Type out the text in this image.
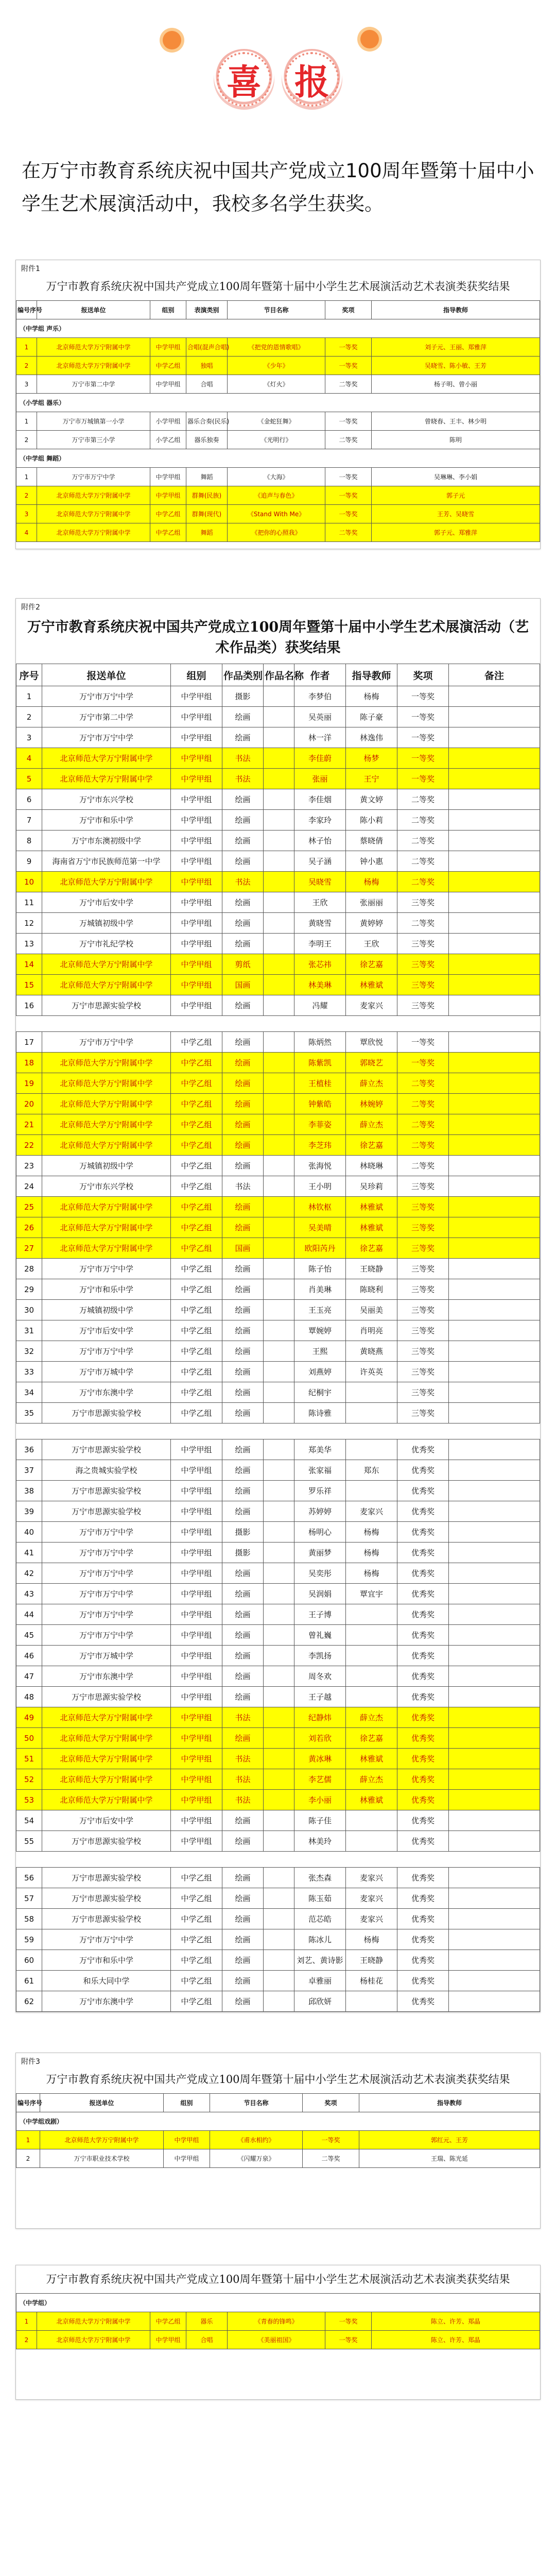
喜 报

在万宁市教育系统庆祝中国共产党成立100周年暨第十届中小学生艺术展演活动中，我校多名学生获奖。

附件1
万宁市教育系统庆祝中国共产党成立100周年暨第十届中小学生艺术展演活动艺术表演类获奖结果
编号序号	报送单位	组别	表演类别	节目名称	奖项	指导教师
（中学组 声乐）						
1	北京师范大学万宁附属中学	中学甲组	合唱(混声合唱)	《把党的恩情歌唱》	一等奖	刘子元、王丽、郑雅萍
2	北京师范大学万宁附属中学	中学乙组	独唱	《少年》	一等奖	吴晓雪、陈小敏、王芳
3	万宁市第二中学	中学甲组	合唱	《灯火》	二等奖	杨子明、曾小丽
（小学组 器乐）						
1	万宁市万城镇第一小学	小学甲组	器乐合奏(民乐)	《金蛇狂舞》	一等奖	曾晓春、王丰、林少明
2	万宁市第三小学	小学乙组	器乐独奏	《光明行》	二等奖	陈明
（中学组 舞蹈）						
1	万宁市万宁中学	中学甲组	舞蹈	《大海》	一等奖	吴琳琳、李小娟
2	北京师范大学万宁附属中学	中学甲组	群舞(民族)	《追声与春色》	一等奖	郭子元
3	北京师范大学万宁附属中学	中学乙组	群舞(现代)	《Stand With Me》	一等奖	王芳、吴晓雪
4	北京师范大学万宁附属中学	中学乙组	舞蹈	《把你的心照我》	二等奖	郭子元、郑雅萍
附件2
万宁市教育系统庆祝中国共产党成立100周年暨第十届中小学生艺术展演活动（艺术作品类）获奖结果
序号	报送单位	组别	作品类别	作品名称	作者	指导教师	奖项	备注
1	万宁市万宁中学	中学甲组	摄影		李梦伯	杨梅	一等奖	
2	万宁市第二中学	中学甲组	绘画		吴英丽	陈子豪	一等奖	
3	万宁市万宁中学	中学甲组	绘画		林一洋	林逸伟	一等奖	
4	北京师范大学万宁附属中学	中学甲组	书法		李佳蔚	杨梦	一等奖	
5	北京师范大学万宁附属中学	中学甲组	书法		张丽	王宁	一等奖	
6	万宁市东兴学校	中学甲组	绘画		李佳烟	黄文婷	二等奖	
7	万宁市和乐中学	中学甲组	绘画		李家玲	陈小莉	二等奖	
8	万宁市东澳初级中学	中学甲组	绘画		林子怡	蔡晓倩	二等奖	
9	海南省万宁市民族师范第一中学	中学甲组	绘画		吴子涵	钟小惠	二等奖	
10	北京师范大学万宁附属中学	中学甲组	书法		吴晓雪	杨梅	二等奖	
11	万宁市后安中学	中学甲组	绘画		王欣	张丽丽	三等奖	
12	万城镇初级中学	中学甲组	绘画		黄晓雪	黄婷婷	二等奖	
13	万宁市礼纪学校	中学甲组	绘画		李明王	王欣	三等奖	
14	北京师范大学万宁附属中学	中学甲组	剪纸		张芯祎	徐艺嘉	三等奖	
15	北京师范大学万宁附属中学	中学甲组	国画		林美琳	林雅斌	三等奖	
16	万宁市思源实验学校	中学甲组	绘画		冯耀	麦家兴	三等奖	

17	万宁市万宁中学	中学乙组	绘画		陈炳然	覃欣悦	一等奖	
18	北京师范大学万宁附属中学	中学乙组	绘画		陈紫凯	郭晓艺	一等奖	
19	北京师范大学万宁附属中学	中学乙组	绘画		王植桂	薛立杰	二等奖	
20	北京师范大学万宁附属中学	中学乙组	绘画		钟紫皓	林婉婷	二等奖	
21	北京师范大学万宁附属中学	中学乙组	绘画		李菲姿	薛立杰	二等奖	
22	北京师范大学万宁附属中学	中学乙组	绘画		李芝玮	徐艺嘉	二等奖	
23	万城镇初级中学	中学乙组	绘画		张海悦	林晓琳	二等奖	
24	万宁市东兴学校	中学乙组	书法		王小明	吴珍莉	三等奖	
25	北京师范大学万宁附属中学	中学乙组	绘画		林钦枢	林雅斌	三等奖	
26	北京师范大学万宁附属中学	中学乙组	绘画		吴美晴	林雅斌	三等奖	
27	北京师范大学万宁附属中学	中学乙组	国画		欧阳芮丹	徐艺嘉	三等奖	
28	万宁市万宁中学	中学乙组	绘画		陈子怡	王晓静	三等奖	
29	万宁市和乐中学	中学乙组	绘画		肖美琳	陈晓利	三等奖	
30	万城镇初级中学	中学乙组	绘画		王玉亮	吴丽美	三等奖	
31	万宁市后安中学	中学乙组	绘画		覃婉婷	肖明亮	三等奖	
32	万宁市万宁中学	中学乙组	绘画		王熙	黄晓燕	三等奖	
33	万宁市万城中学	中学乙组	绘画		刘燕婷	许英英	三等奖	
34	万宁市东澳中学	中学乙组	绘画		纪桐宇		三等奖	
35	万宁市思源实验学校	中学乙组	绘画		陈诗雅		三等奖	

36	万宁市思源实验学校	中学甲组	绘画		郑美华		优秀奖	
37	海之贵城实验学校	中学甲组	绘画		张家福	郑东	优秀奖	
38	万宁市思源实验学校	中学甲组	绘画		罗乐祥		优秀奖	
39	万宁市思源实验学校	中学甲组	绘画		苏婷婷	麦家兴	优秀奖	
40	万宁市万宁中学	中学甲组	摄影		杨明心	杨梅	优秀奖	
41	万宁市万宁中学	中学甲组	摄影		黄丽梦	杨梅	优秀奖	
42	万宁市万宁中学	中学甲组	绘画		吴奕彤	杨梅	优秀奖	
43	万宁市万宁中学	中学甲组	绘画		吴润娟	覃宜宇	优秀奖	
44	万宁市万宁中学	中学甲组	绘画		王子博		优秀奖	
45	万宁市万宁中学	中学甲组	绘画		曾礼巍		优秀奖	
46	万宁市万城中学	中学甲组	绘画		李凯扬		优秀奖	
47	万宁市东澳中学	中学甲组	绘画		周冬欢		优秀奖	
48	万宁市思源实验学校	中学甲组	绘画		王子越		优秀奖	
49	北京师范大学万宁附属中学	中学甲组	书法		纪静炜	薛立杰	优秀奖	
50	北京师范大学万宁附属中学	中学甲组	绘画		刘若欣	徐艺嘉	优秀奖	
51	北京师范大学万宁附属中学	中学甲组	书法		黄冰琳	林雅斌	优秀奖	
52	北京师范大学万宁附属中学	中学甲组	书法		李艺儒	薛立杰	优秀奖	
53	北京师范大学万宁附属中学	中学甲组	书法		李小丽	林雅斌	优秀奖	
54	万宁市后安中学	中学甲组	绘画		陈子佳		优秀奖	
55	万宁市思源实验学校	中学甲组	绘画		林美玲		优秀奖	

56	万宁市思源实验学校	中学乙组	绘画		张杰森	麦家兴	优秀奖	
57	万宁市思源实验学校	中学乙组	绘画		陈玉茹	麦家兴	优秀奖	
58	万宁市思源实验学校	中学乙组	绘画		范芯皓	麦家兴	优秀奖	
59	万宁市万宁中学	中学乙组	绘画		陈冰儿	杨梅	优秀奖	
60	万宁市和乐中学	中学乙组	绘画		刘艺、黄诗影	王晓静	优秀奖	
61	和乐大同中学	中学乙组	绘画		卓雅丽	杨桂花	优秀奖	
62	万宁市东澳中学	中学乙组	绘画		邱欣妍		优秀奖	
附件3
万宁市教育系统庆祝中国共产党成立100周年暨第十届中小学生艺术展演活动艺术表演类获奖结果
编号序号	报送单位	组别	节目名称	奖项	指导教师
（中学组戏剧）					
1	北京师范大学万宁附属中学	中学甲组	《甫水相约》	一等奖	郭红元、王芳
2	万宁市职业技术学校	中学甲组	《闪耀万泉》	二等奖	王瑞、陈光延
万宁市教育系统庆祝中国共产党成立100周年暨第十届中小学生艺术展演活动艺术表演类获奖结果
（中学组）						
1	北京师范大学万宁附属中学	中学乙组	器乐	《青春的锋鸣》	一等奖	陈立、许芳、郑晶
2	北京师范大学万宁附属中学	中学甲组	合唱	《美丽祖国》	一等奖	陈立、许芳、郑晶
